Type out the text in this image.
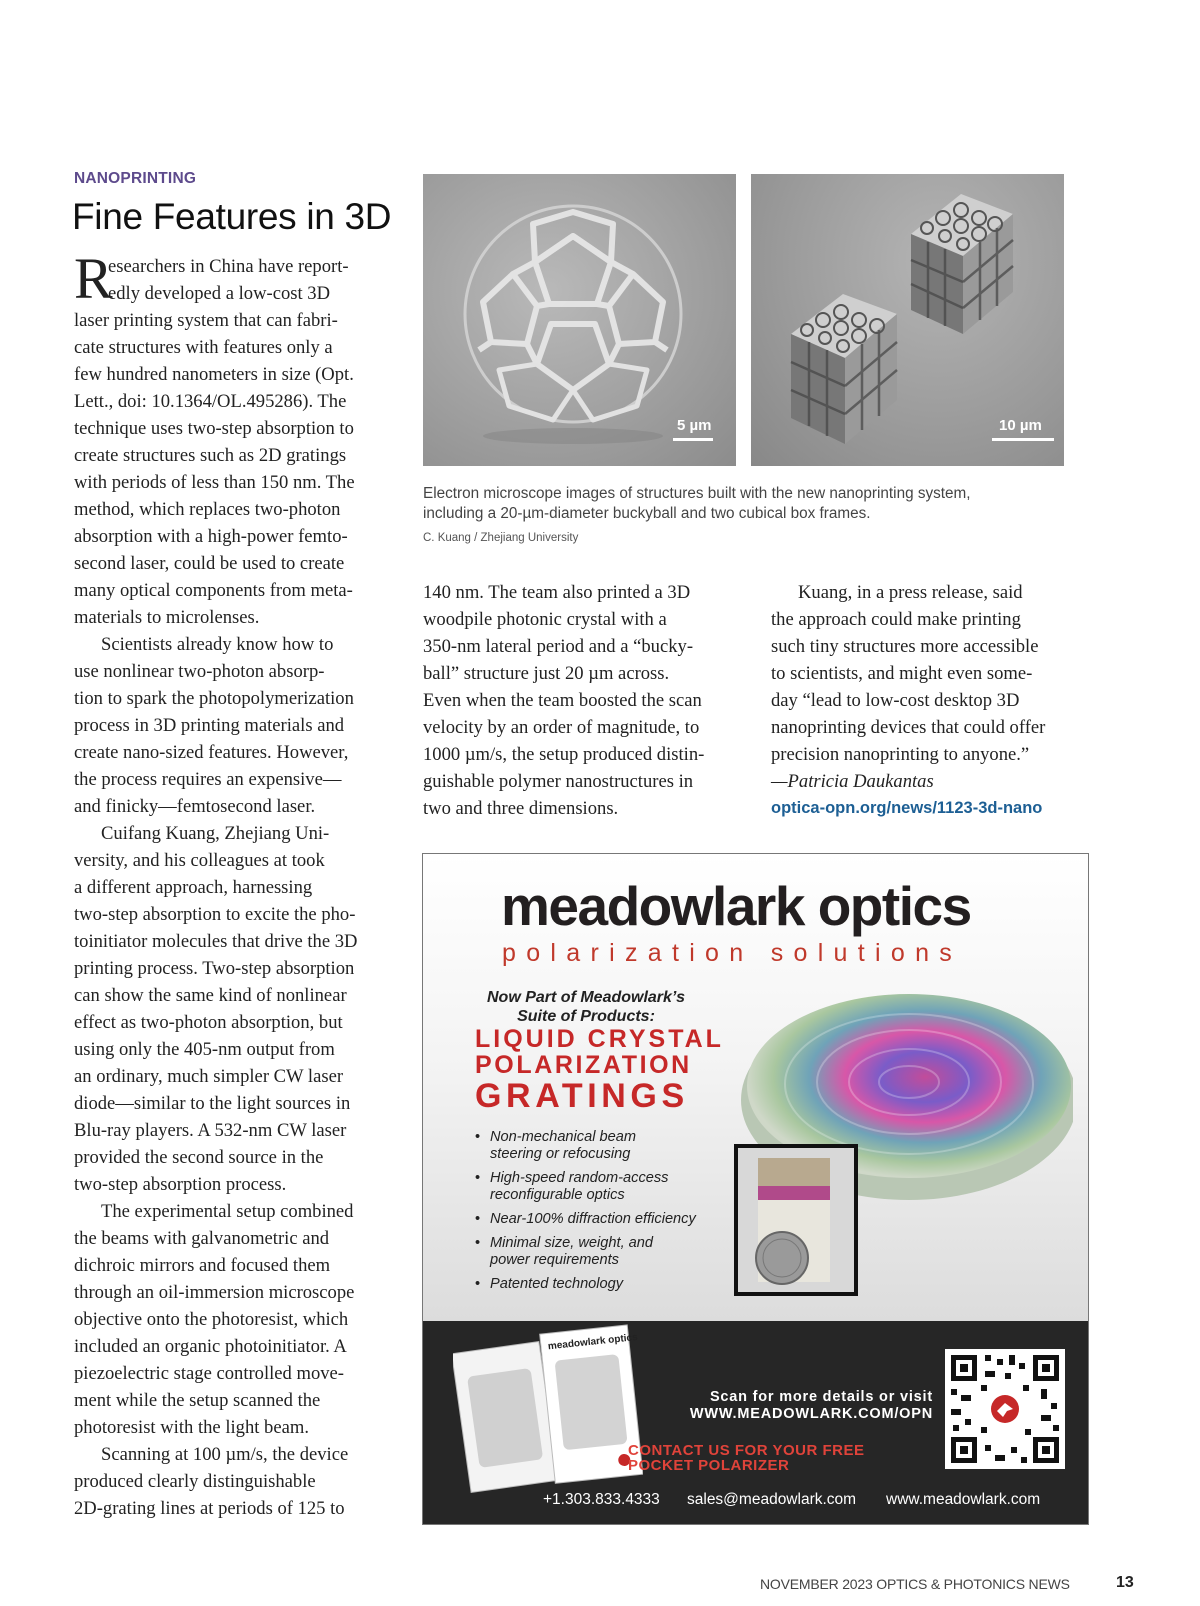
NANOPRINTING
Fine Features in 3D

R
esearchers in China have report-

edly developed a low-cost 3D

laser printing system that can fabri-

cate structures with features only a

few hundred nanometers in size (Opt.

Lett., doi: 10.1364/OL.495286). The

technique uses two-step absorption to

create structures such as 2D gratings

with periods of less than 150 nm. The

method, which replaces two-photon

absorption with a high-power femto-

second laser, could be used to create

many optical components from meta-

materials to microlenses.

Scientists already know how to

use nonlinear two-photon absorp-

tion to spark the photopolymerization

process in 3D printing materials and

create nano-sized features. However,

the process requires an expensive—

and finicky—femtosecond laser.

Cuifang Kuang, Zhejiang Uni-

versity, and his colleagues at took

a different approach, harnessing

two-step absorption to excite the pho-

toinitiator molecules that drive the 3D

printing process. Two-step absorption

can show the same kind of nonlinear

effect as two-photon absorption, but

using only the 405-nm output from

an ordinary, much simpler CW laser

diode—similar to the light sources in

Blu-ray players. A 532-nm CW laser

provided the second source in the

two-step absorption process.

The experimental setup combined

the beams with galvanometric and

dichroic mirrors and focused them

through an oil-immersion microscope

objective onto the photoresist, which

included an organic photoinitiator. A

piezoelectric stage controlled move-

ment while the setup scanned the

photoresist with the light beam.

Scanning at 100 µm/s, the device

produced clearly distinguishable

2D-grating lines at periods of 125 to

5 µm	10 µm

Electron microscope images of structures built with the new nanoprinting system,

including a 20-µm-diameter buckyball and two cubical box frames.

C. Kuang / Zhejiang University

140 nm. The team also printed a 3D

woodpile photonic crystal with a

350-nm lateral period and a “bucky-

ball” structure just 20 µm across.

Even when the team boosted the scan

velocity by an order of magnitude, to

1000 µm/s, the setup produced distin-

guishable polymer nanostructures in

two and three dimensions.

Kuang, in a press release, said

the approach could make printing

such tiny structures more accessible

to scientists, and might even some-

day “lead to low-cost desktop 3D

nanoprinting devices that could offer

precision nanoprinting to anyone.”

—Patricia Daukantas

optica-opn.org/news/1123-3d-nano

meadowlark optics
polarization solutions
Now Part of Meadowlark’s
Suite of Products:
LIQUID CRYSTAL
POLARIZATION
GRATINGS
• Non-mechanical beam
steering or refocusing
• High-speed random-access
reconfigurable optics
• Near-100% diffraction efficiency
• Minimal size, weight, and
power requirements
• Patented technology
meadowlark optics

Scan for more details or visit

WWW.MEADOWLARK.COM/OPN

CONTACT US FOR YOUR FREE

POCKET POLARIZER

+1.303.833.4333 sales@meadowlark.com www.meadowlark.com
NOVEMBER 2023 OPTICS & PHOTONICS NEWS	13
